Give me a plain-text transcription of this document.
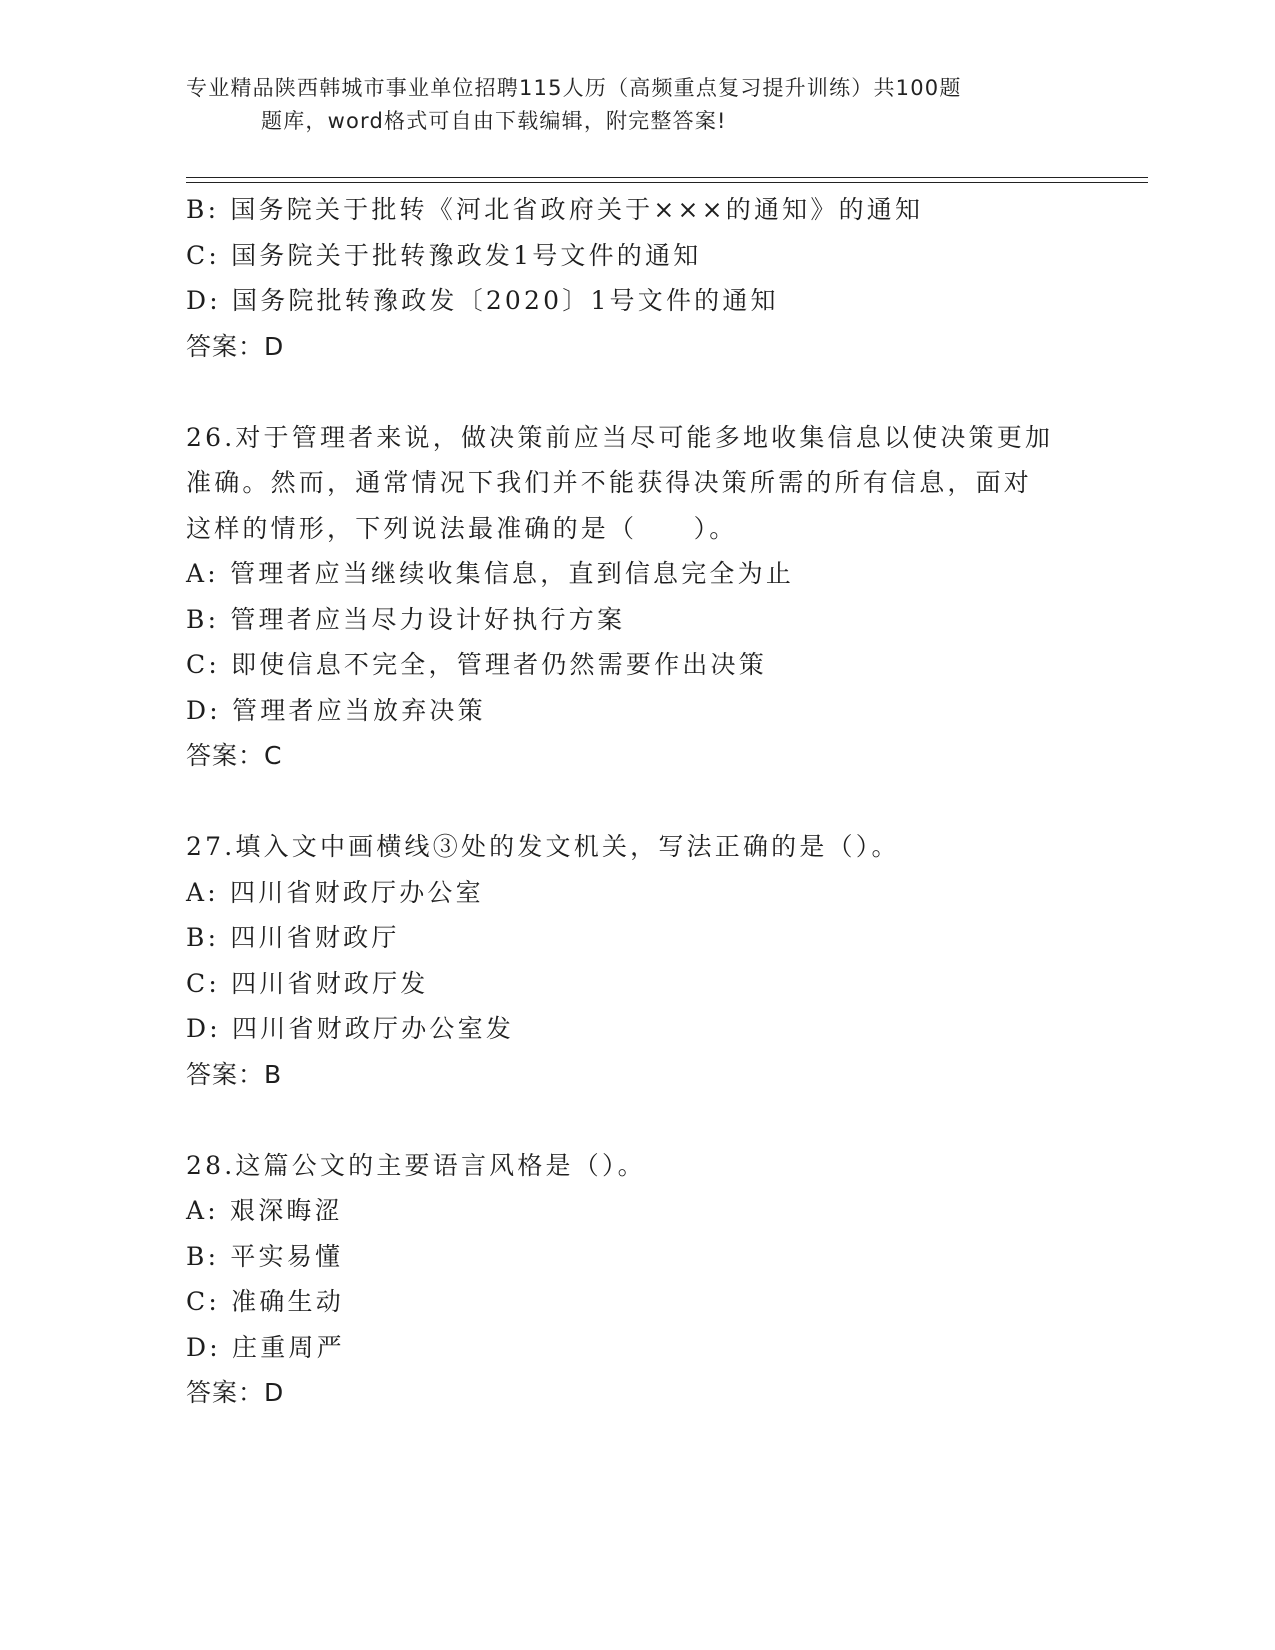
专业精品陕西韩城市事业单位招聘115人历（高频重点复习提升训练）共100题
题库，word格式可自由下载编辑，附完整答案!
B: 国务院关于批转《河北省政府关于×××的通知》的通知
C: 国务院关于批转豫政发1号文件的通知
D: 国务院批转豫政发〔2020〕1号文件的通知
答案：D
26.对于管理者来说，做决策前应当尽可能多地收集信息以使决策更加
准确。然而，通常情况下我们并不能获得决策所需的所有信息，面对
这样的情形，下列说法最准确的是（　　）。
A: 管理者应当继续收集信息，直到信息完全为止
B: 管理者应当尽力设计好执行方案
C: 即使信息不完全，管理者仍然需要作出决策
D: 管理者应当放弃决策
答案：C
27.填入文中画横线③处的发文机关，写法正确的是（）。
A: 四川省财政厅办公室
B: 四川省财政厅
C: 四川省财政厅发
D: 四川省财政厅办公室发
答案：B
28.这篇公文的主要语言风格是（）。
A: 艰深晦涩
B: 平实易懂
C: 准确生动
D: 庄重周严
答案：D
